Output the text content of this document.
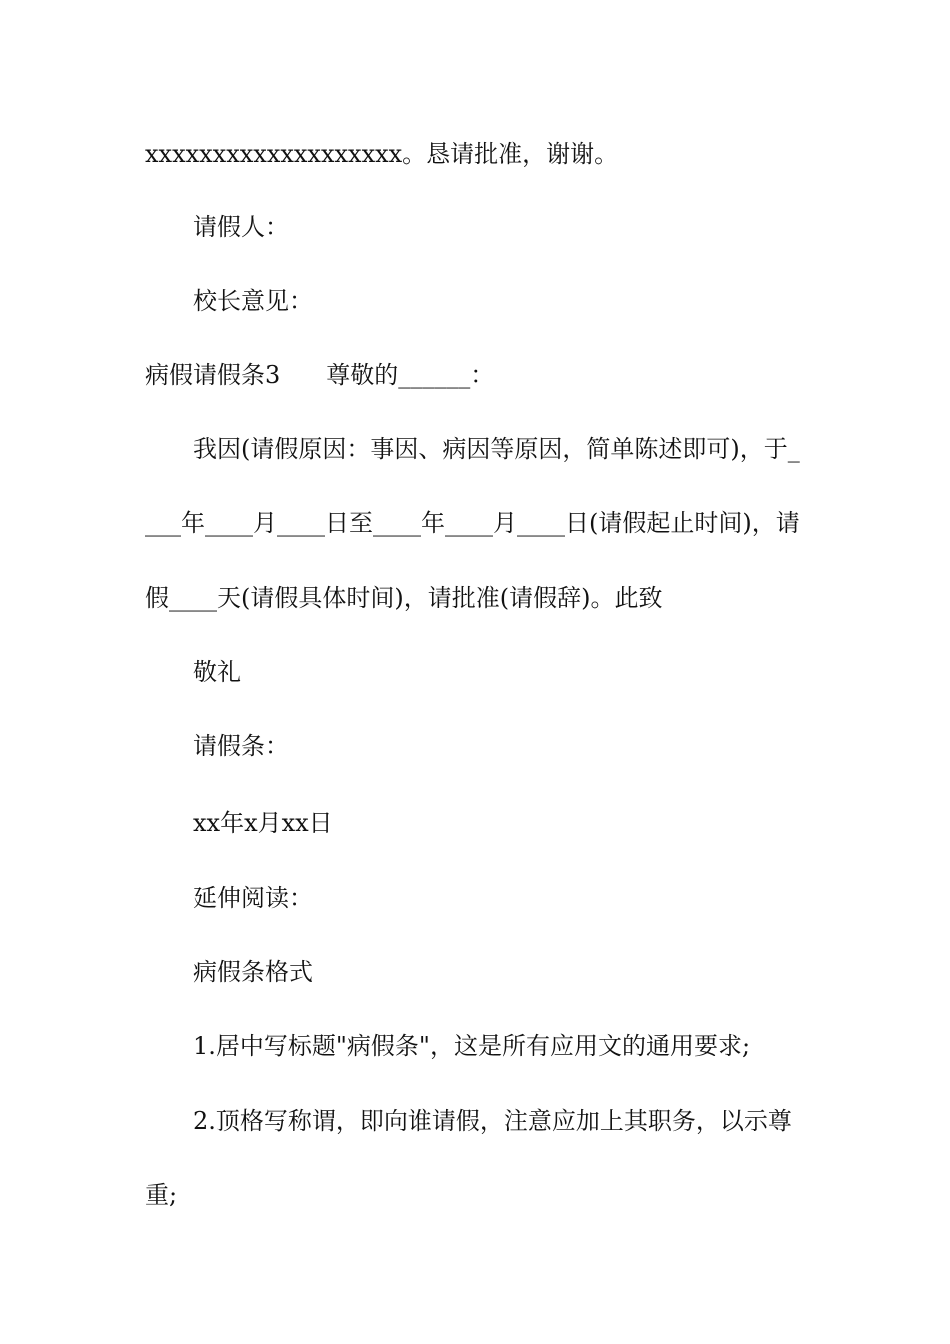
xxxxxxxxxxxxxxxxxxx。恳请批准，谢谢。
请假人：
校长意见：
病假请假条3 尊敬的______：
我因(请假原因：事因、病因等原因，简单陈述即可)，于_
___年____月____日至____年____月____日(请假起止时间)，请
假____天(请假具体时间)，请批准(请假辞)。此致
敬礼
请假条：
xx年x月xx日
延伸阅读：
病假条格式
1.居中写标题"病假条"，这是所有应用文的通用要求;
2.顶格写称谓，即向谁请假，注意应加上其职务，以示尊
重;
